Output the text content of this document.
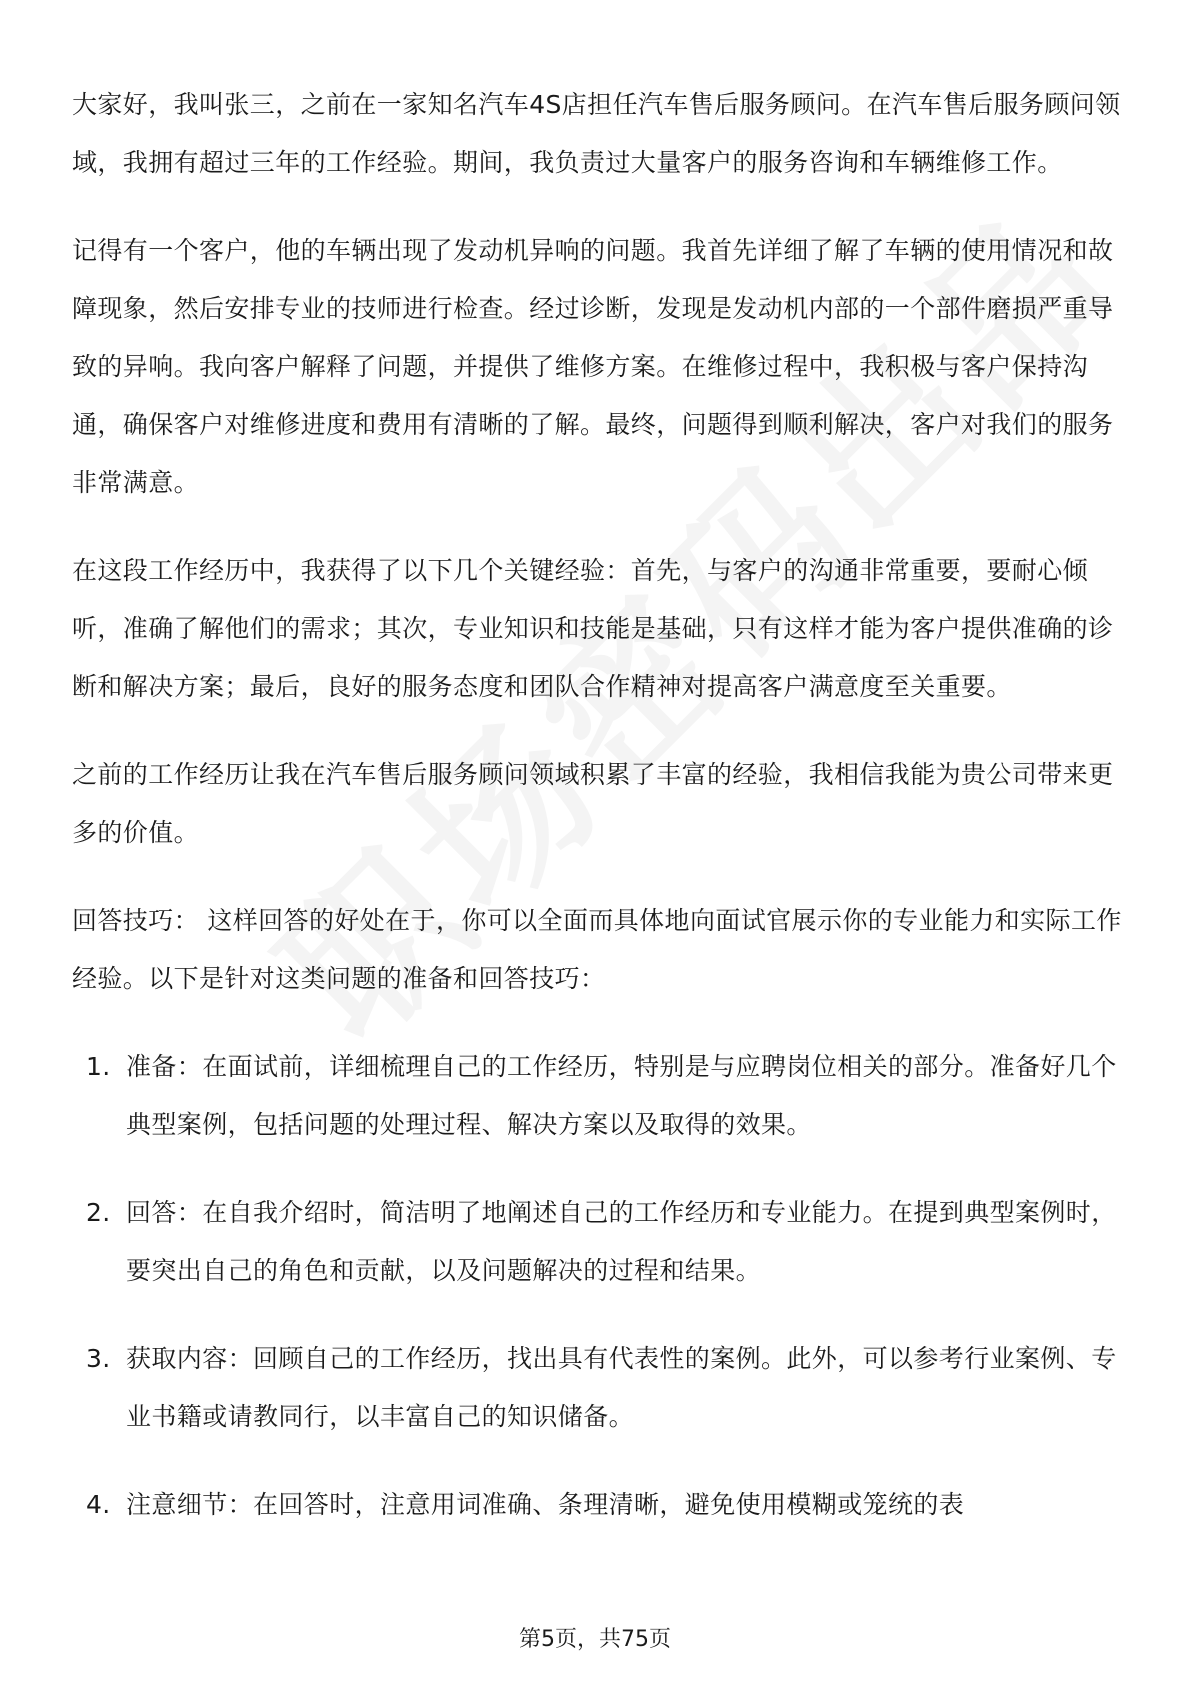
大家好，我叫张三，之前在一家知名汽车4S店担任汽车售后服务顾问。在汽车售后服务顾问领域，我拥有超过三年的工作经验。期间，我负责过大量客户的服务咨询和车辆维修工作。

记得有一个客户，他的车辆出现了发动机异响的问题。我首先详细了解了车辆的使用情况和故障现象，然后安排专业的技师进行检查。经过诊断，发现是发动机内部的一个部件磨损严重导致的异响。我向客户解释了问题，并提供了维修方案。在维修过程中，我积极与客户保持沟通，确保客户对维修进度和费用有清晰的了解。最终，问题得到顺利解决，客户对我们的服务非常满意。

在这段工作经历中，我获得了以下几个关键经验：首先，与客户的沟通非常重要，要耐心倾听，准确了解他们的需求；其次，专业知识和技能是基础，只有这样才能为客户提供准确的诊断和解决方案；最后，良好的服务态度和团队合作精神对提高客户满意度至关重要。

之前的工作经历让我在汽车售后服务顾问领域积累了丰富的经验，我相信我能为贵公司带来更多的价值。

回答技巧： 这样回答的好处在于，你可以全面而具体地向面试官展示你的专业能力和实际工作经验。以下是针对这类问题的准备和回答技巧：

1. 准备：在面试前，详细梳理自己的工作经历，特别是与应聘岗位相关的部分。准备好几个典型案例，包括问题的处理过程、解决方案以及取得的效果。
2. 回答：在自我介绍时，简洁明了地阐述自己的工作经历和专业能力。在提到典型案例时，要突出自己的角色和贡献，以及问题解决的过程和结果。
3. 获取内容：回顾自己的工作经历，找出具有代表性的案例。此外，可以参考行业案例、专业书籍或请教同行，以丰富自己的知识储备。
4. 注意细节：在回答时，注意用词准确、条理清晰，避免使用模糊或笼统的表
第5页，共75页
